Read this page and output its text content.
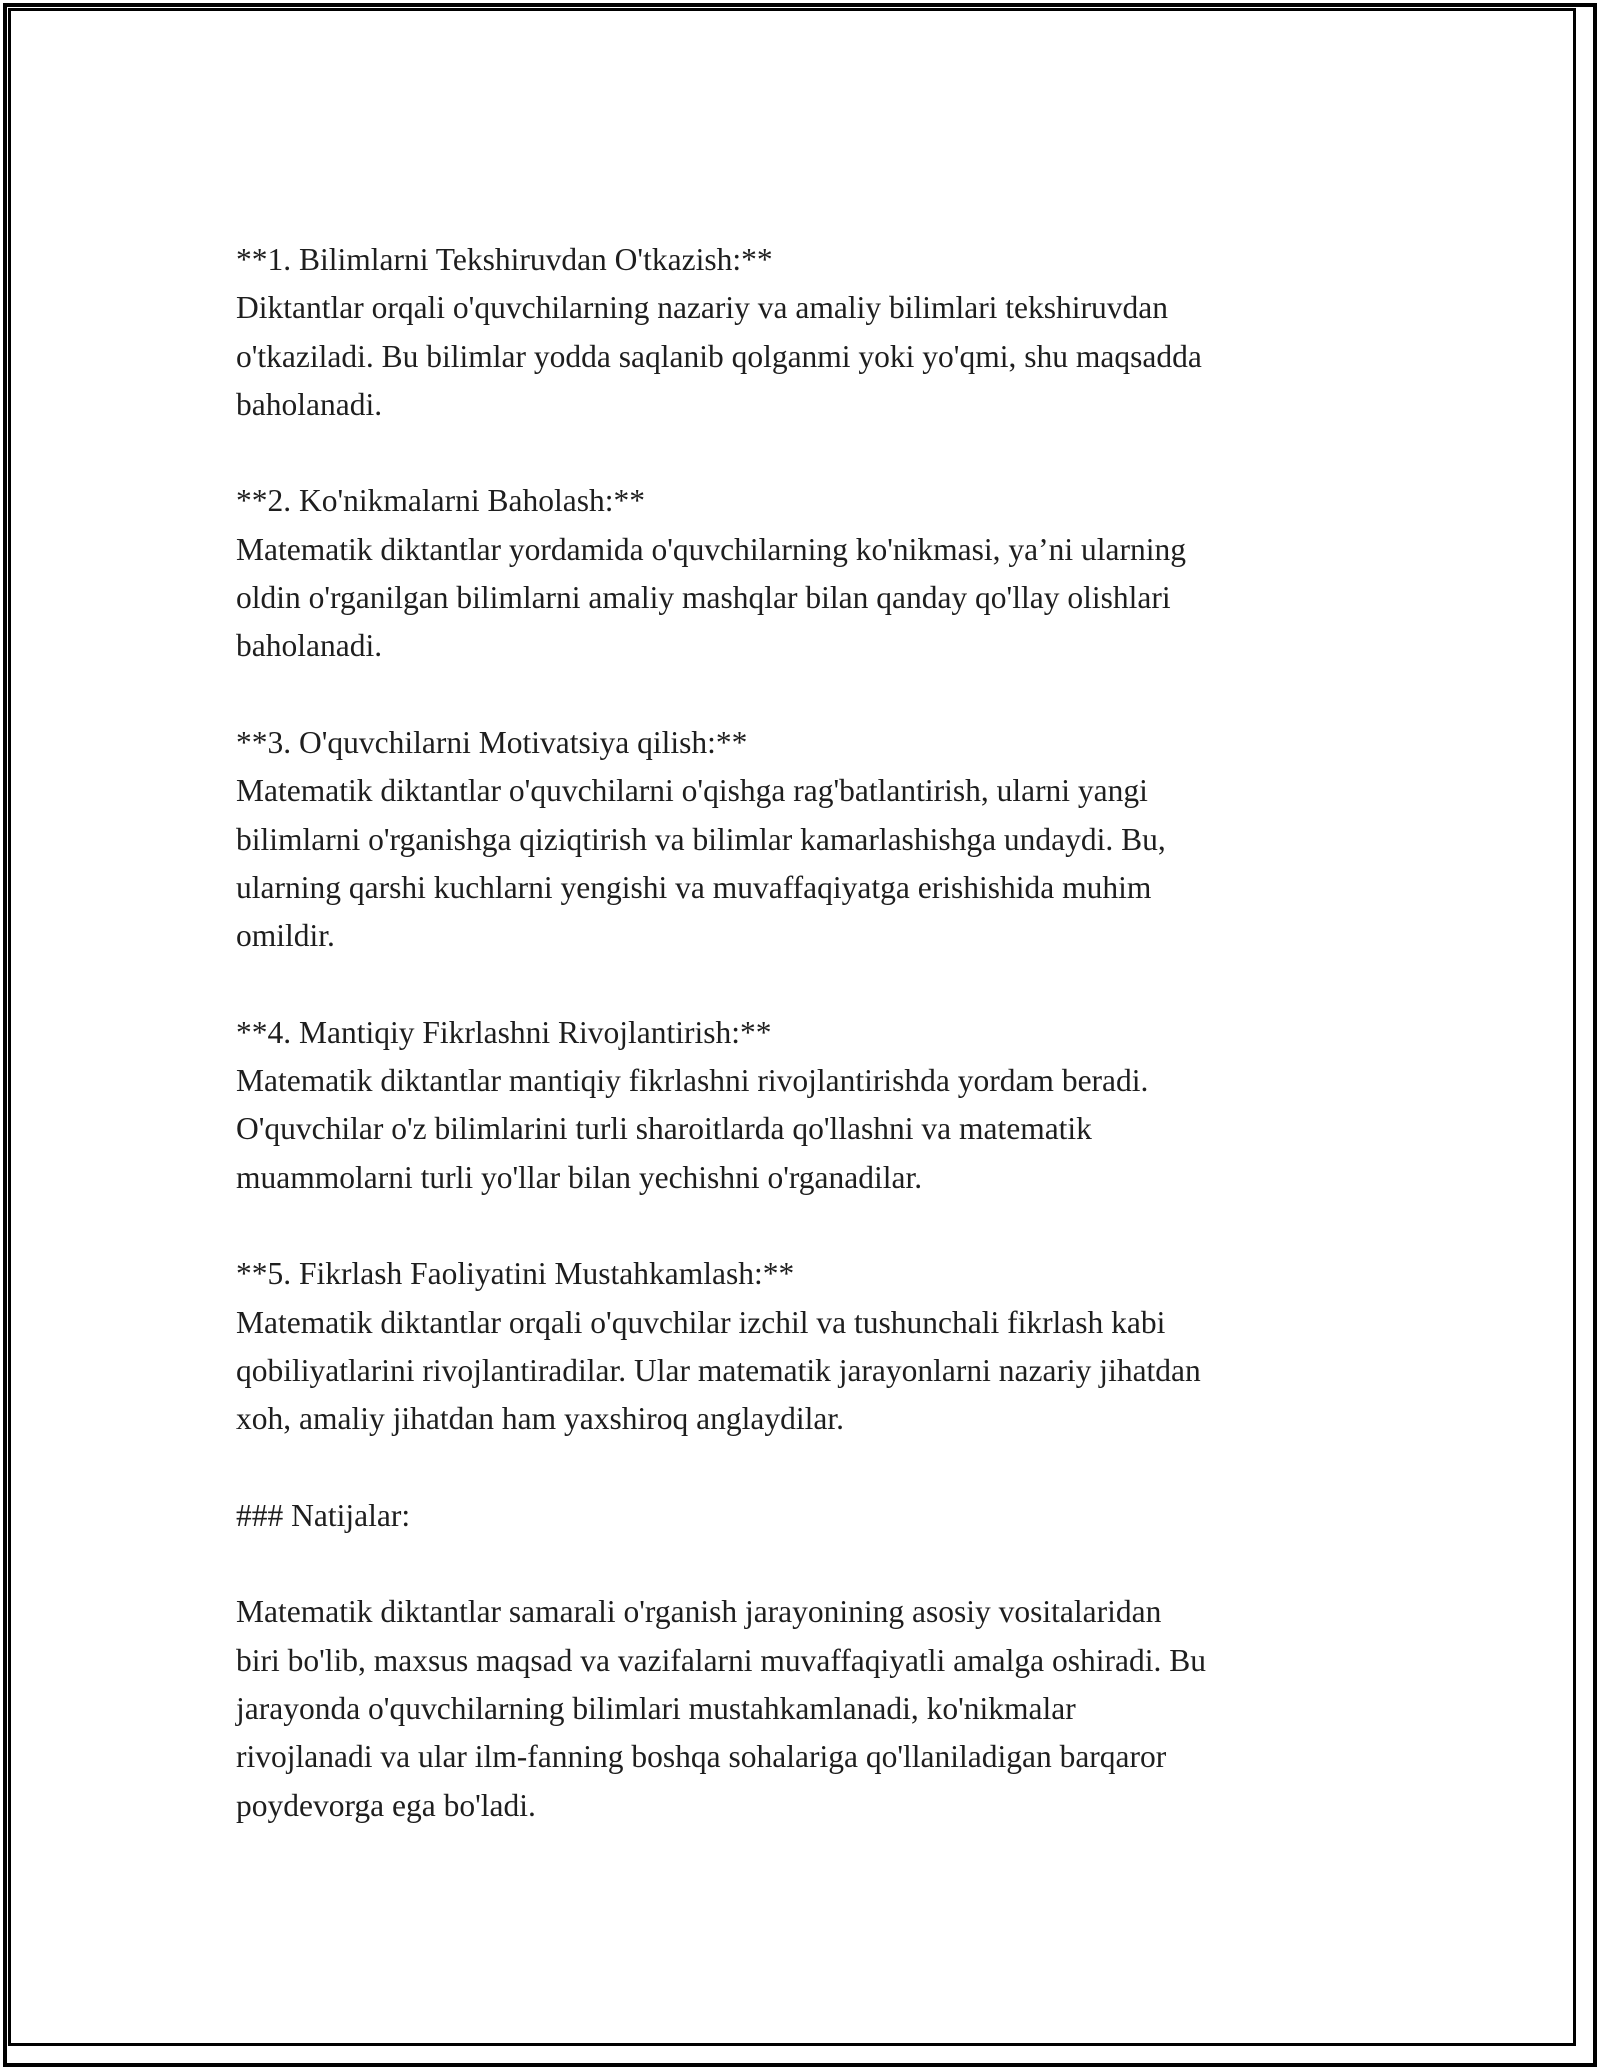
**1. Bilimlarni Tekshiruvdan O'tkazish:**
Diktantlar orqali o'quvchilarning nazariy va amaliy bilimlari tekshiruvdan
o'tkaziladi. Bu bilimlar yodda saqlanib qolganmi yoki yo'qmi, shu maqsadda
baholanadi.
**2. Ko'nikmalarni Baholash:**
Matematik diktantlar yordamida o'quvchilarning ko'nikmasi, ya’ni ularning
oldin o'rganilgan bilimlarni amaliy mashqlar bilan qanday qo'llay olishlari
baholanadi.
**3. O'quvchilarni Motivatsiya qilish:**
Matematik diktantlar o'quvchilarni o'qishga rag'batlantirish, ularni yangi
bilimlarni o'rganishga qiziqtirish va bilimlar kamarlashishga undaydi. Bu,
ularning qarshi kuchlarni yengishi va muvaffaqiyatga erishishida muhim
omildir.
**4. Mantiqiy Fikrlashni Rivojlantirish:**
Matematik diktantlar mantiqiy fikrlashni rivojlantirishda yordam beradi.
O'quvchilar o'z bilimlarini turli sharoitlarda qo'llashni va matematik
muammolarni turli yo'llar bilan yechishni o'rganadilar.
**5. Fikrlash Faoliyatini Mustahkamlash:**
Matematik diktantlar orqali o'quvchilar izchil va tushunchali fikrlash kabi
qobiliyatlarini rivojlantiradilar. Ular matematik jarayonlarni nazariy jihatdan
xoh, amaliy jihatdan ham yaxshiroq anglaydilar.
### Natijalar:
Matematik diktantlar samarali o'rganish jarayonining asosiy vositalaridan
biri bo'lib, maxsus maqsad va vazifalarni muvaffaqiyatli amalga oshiradi. Bu
jarayonda o'quvchilarning bilimlari mustahkamlanadi, ko'nikmalar
rivojlanadi va ular ilm-fanning boshqa sohalariga qo'llaniladigan barqaror
poydevorga ega bo'ladi.
